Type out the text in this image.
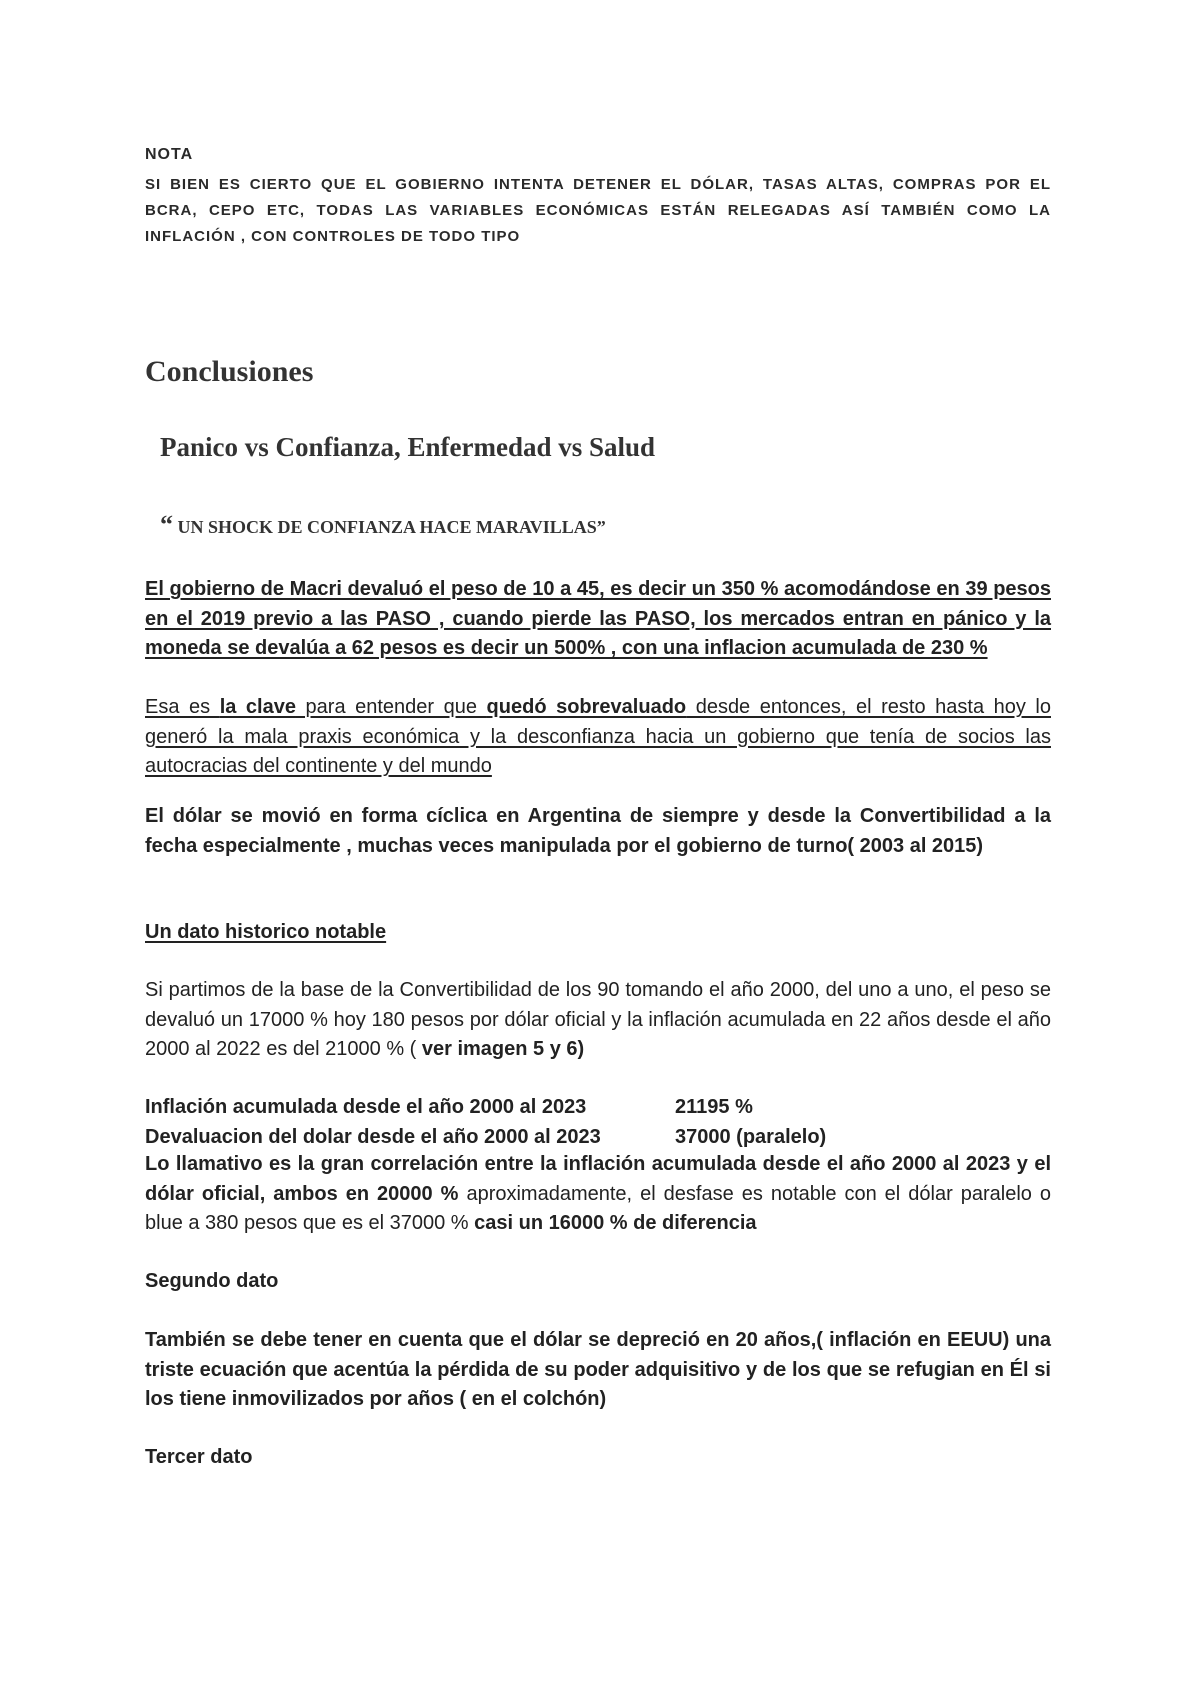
NOTA

SI BIEN ES CIERTO QUE EL GOBIERNO INTENTA DETENER EL DÓLAR, TASAS ALTAS, COMPRAS POR EL BCRA, CEPO ETC, TODAS LAS VARIABLES ECONÓMICAS ESTÁN RELEGADAS ASÍ TAMBIÉN COMO LA INFLACIÓN , CON CONTROLES DE TODO TIPO

Conclusiones

Panico vs Confianza, Enfermedad vs Salud

“ UN SHOCK DE CONFIANZA HACE MARAVILLAS”

El gobierno de Macri devaluó el peso de 10 a 45, es decir un 350 % acomodándose en 39 pesos en el 2019 previo a las PASO , cuando pierde las PASO, los mercados entran en pánico y la moneda se devalúa a 62 pesos es decir un 500% , con una inflacion acumulada de 230 %

Esa es la clave para entender que quedó sobrevaluado desde entonces, el resto hasta hoy lo generó la mala praxis económica y la desconfianza hacia un gobierno que tenía de socios las autocracias del continente y del mundo

El dólar se movió en forma cíclica en Argentina de siempre y desde la Convertibilidad a la fecha especialmente , muchas veces manipulada por el gobierno de turno( 2003 al 2015)

Un dato historico notable

Si partimos de la base de la Convertibilidad de los 90 tomando el año 2000, del uno a uno, el peso se devaluó un 17000 % hoy 180 pesos por dólar oficial y la inflación acumulada en 22 años desde el año 2000 al 2022 es del 21000 % ( ver imagen 5 y 6)

Inflación acumulada desde el año 2000 al 2023	21195 %
Devaluacion del dolar desde el año 2000 al 2023	37000 (paralelo)

Lo llamativo es la gran correlación entre la inflación acumulada desde el año 2000 al 2023 y el dólar oficial, ambos en 20000 % aproximadamente, el desfase es notable con el dólar paralelo o blue a 380 pesos que es el 37000 % casi un 16000 % de diferencia

Segundo dato

También se debe tener en cuenta que el dólar se depreció en 20 años,( inflación en EEUU) una triste ecuación que acentúa la pérdida de su poder adquisitivo y de los que se refugian en Él si los tiene inmovilizados por años ( en el colchón)

Tercer dato
